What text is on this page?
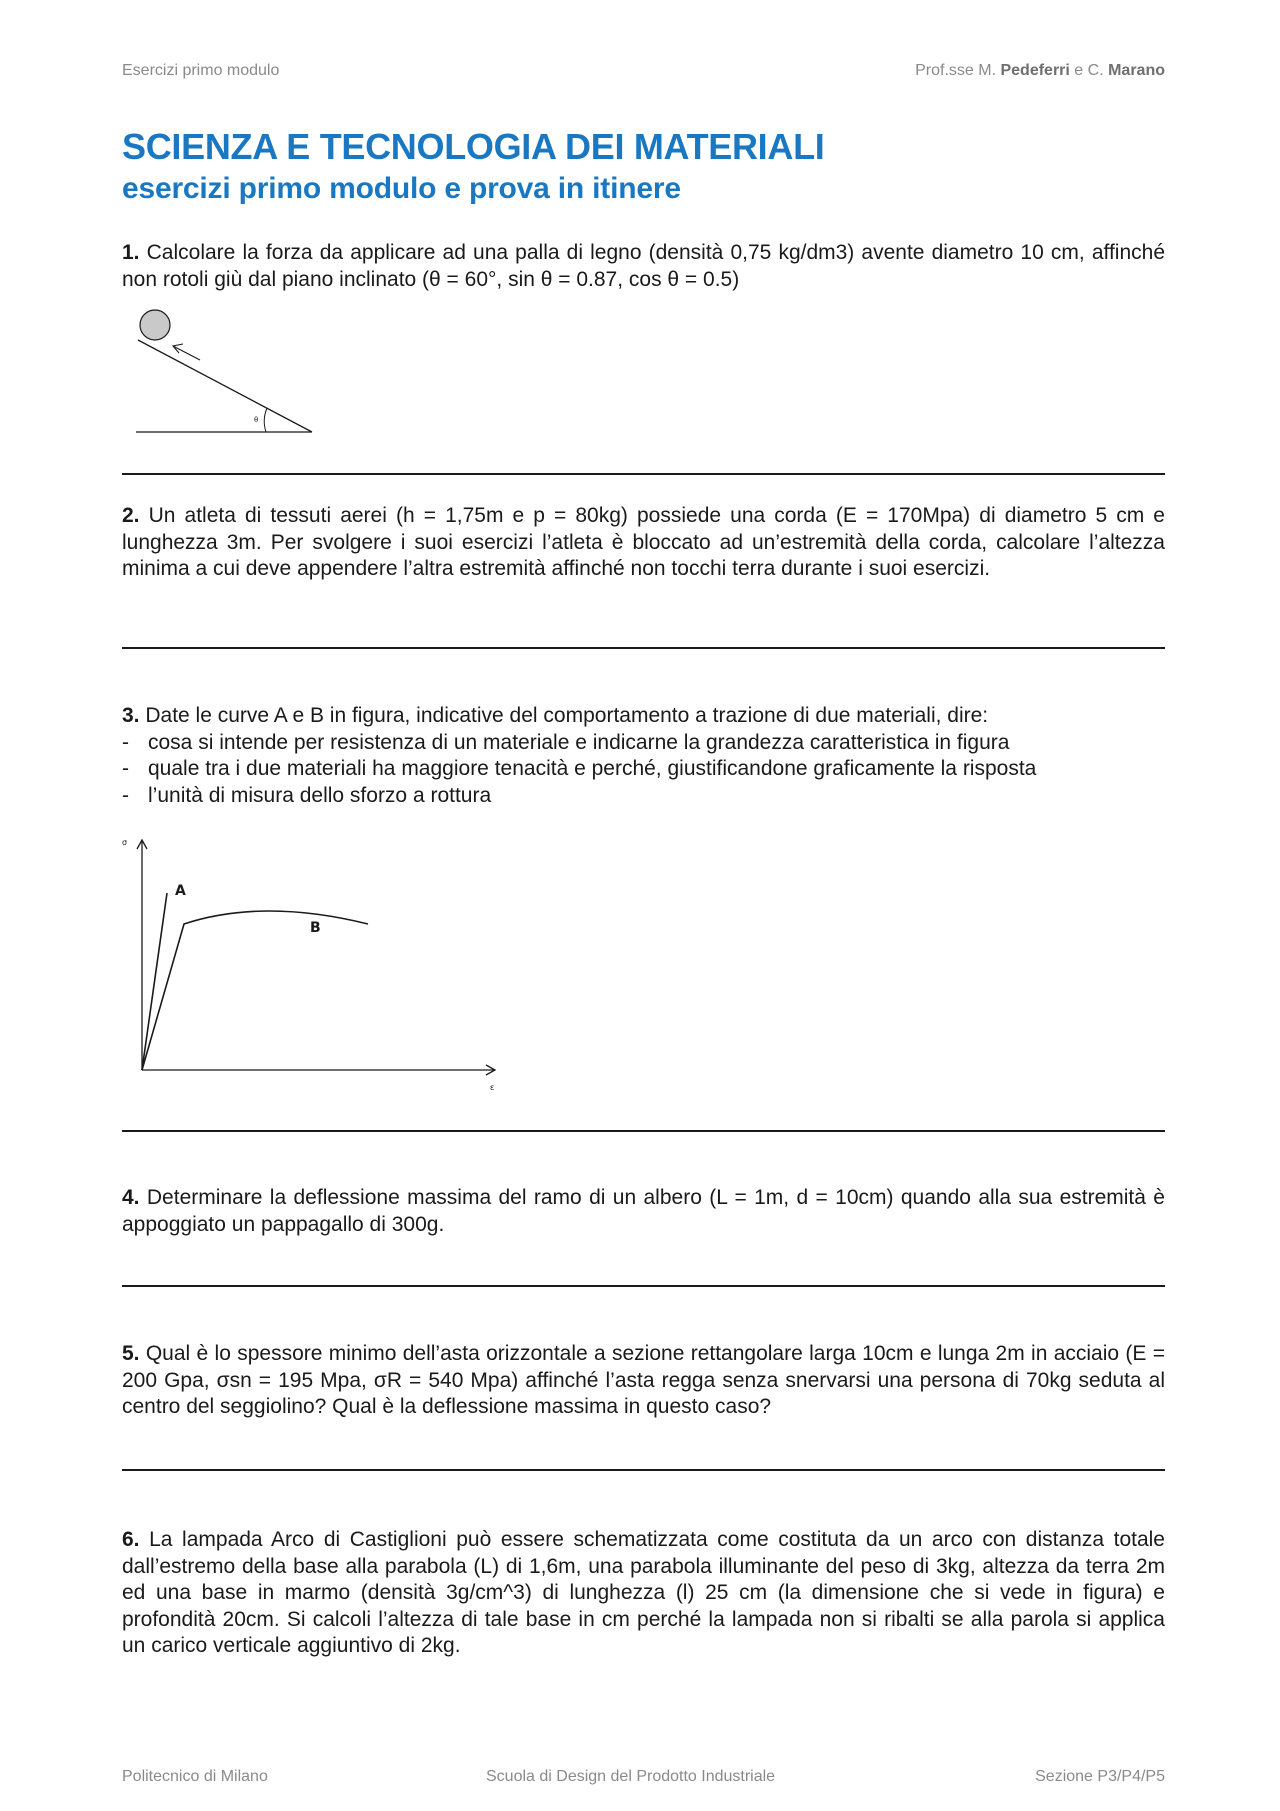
Esercizi primo modulo	Prof.sse M. Pedeferri e C. Marano
SCIENZA E TECNOLOGIA DEI MATERIALI
esercizi primo modulo e prova in itinere
1. Calcolare la forza da applicare ad una palla di legno (densità 0,75 kg/dm3) avente diametro 10 cm, affinché non rotoli giù dal piano inclinato (θ = 60°, sin θ = 0.87, cos θ = 0.5)
θ
2. Un atleta di tessuti aerei (h = 1,75m e p = 80kg) possiede una corda (E = 170Mpa) di diametro 5 cm e lunghezza 3m. Per svolgere i suoi esercizi l’atleta è bloccato ad un’estremità della corda, calcolare l’altezza minima a cui deve appendere l’altra estremità affinché non tocchi terra durante i suoi esercizi.
3. Date le curve A e B in figura, indicative del comportamento a trazione di due materiali, dire:
- cosa si intende per resistenza di un materiale e indicarne la grandezza caratteristica in figura
- quale tra i due materiali ha maggiore tenacità e perché, giustificandone graficamente la risposta
- l’unità di misura dello sforzo a rottura
σ
ε
A
B
4. Determinare la deflessione massima del ramo di un albero (L = 1m, d = 10cm) quando alla sua estremità è appoggiato un pappagallo di 300g.
5. Qual è lo spessore minimo dell’asta orizzontale a sezione rettangolare larga 10cm e lunga 2m in acciaio (E = 200 Gpa, σsn = 195 Mpa, σR = 540 Mpa) affinché l’asta regga senza snervarsi una persona di 70kg seduta al centro del seggiolino? Qual è la deflessione massima in questo caso?
6. La lampada Arco di Castiglioni può essere schematizzata come costituta da un arco con distanza totale dall’estremo della base alla parabola (L) di 1,6m, una parabola illuminante del peso di 3kg, altezza da terra 2m ed una base in marmo (densità 3g/cm^3) di lunghezza (l) 25 cm (la dimensione che si vede in figura) e profondità 20cm. Si calcoli l’altezza di tale base in cm perché la lampada non si ribalti se alla parola si applica un carico verticale aggiuntivo di 2kg.
Politecnico di Milano	Scuola di Design del Prodotto Industriale	Sezione P3/P4/P5
